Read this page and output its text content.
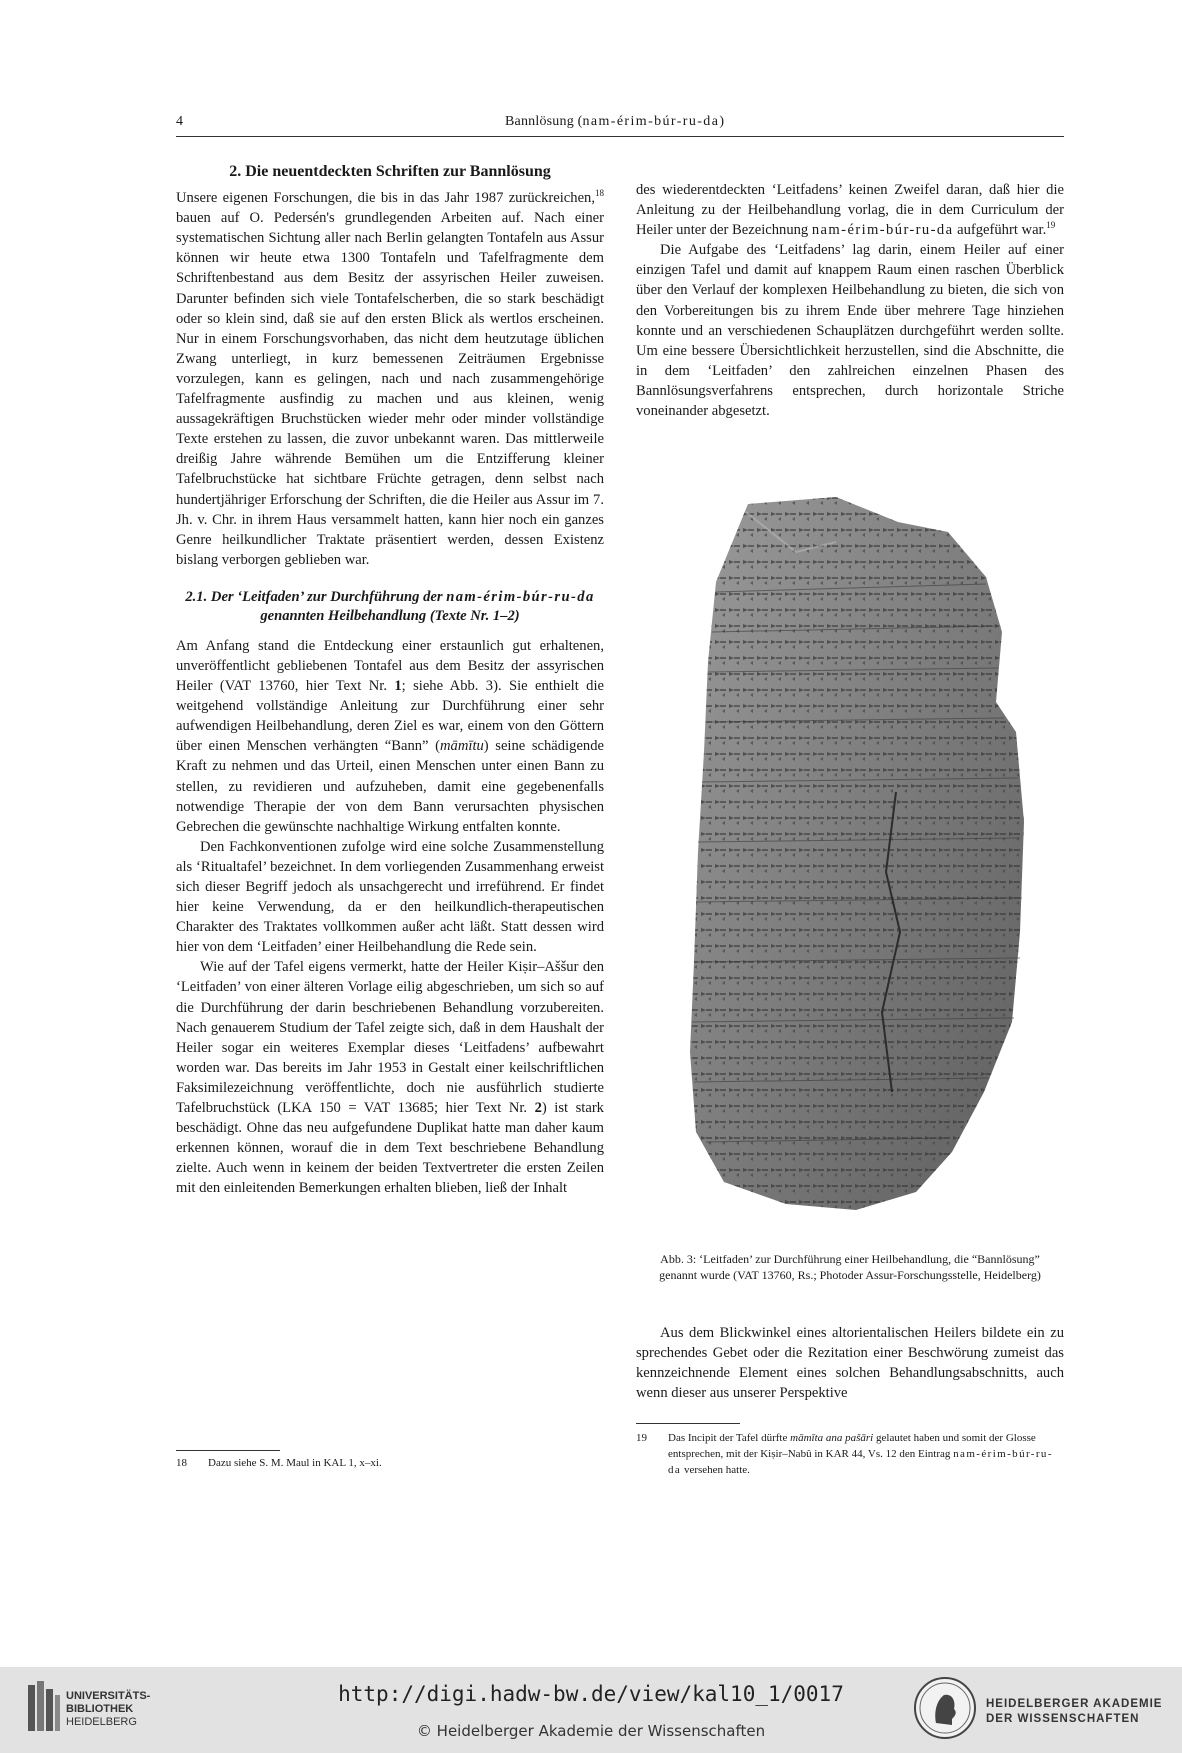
4	Bannlösung (nam-érim-búr-ru-da)
2. Die neuentdeckten Schriften zur Bannlösung

Unsere eigenen Forschungen, die bis in das Jahr 1987 zurückreichen,$^{18}$ bauen auf O. Pedersén's grundlegenden Arbeiten auf. Nach einer systematischen Sichtung aller nach Berlin gelangten Tontafeln aus Assur können wir heute etwa 1300 Tontafeln und Tafelfragmente dem Schriftenbestand aus dem Besitz der assyrischen Heiler zuweisen. Darunter befinden sich viele Tontafelscherben, die so stark beschädigt oder so klein sind, daß sie auf den ersten Blick als wertlos erscheinen. Nur in einem Forschungsvorhaben, das nicht dem heutzutage üblichen Zwang unterliegt, in kurz bemessenen Zeiträumen Ergebnisse vorzulegen, kann es gelingen, nach und nach zusammengehörige Tafelfragmente ausfindig zu machen und aus kleinen, wenig aussagekräftigen Bruchstücken wieder mehr oder minder vollständige Texte erstehen zu lassen, die zuvor unbekannt waren. Das mittlerweile dreißig Jahre währende Bemühen um die Entzifferung kleiner Tafelbruchstücke hat sichtbare Früchte getragen, denn selbst nach hundertjähriger Erforschung der Schriften, die die Heiler aus Assur im 7. Jh. v. Chr. in ihrem Haus versammelt hatten, kann hier noch ein ganzes Genre heilkundlicher Traktate präsentiert werden, dessen Existenz bislang verborgen geblieben war.

2.1. Der ‘Leitfaden’ zur Durchführung der nam-érim-búr-ru-da genannten Heilbehandlung (Texte Nr. 1–2)

Am Anfang stand die Entdeckung einer erstaunlich gut erhaltenen, unveröffentlicht gebliebenen Tontafel aus dem Besitz der assyrischen Heiler (VAT 13760, hier Text Nr. 1; siehe Abb. 3). Sie enthielt die weitgehend vollständige Anleitung zur Durchführung einer sehr aufwendigen Heilbehandlung, deren Ziel es war, einem von den Göttern über einen Menschen verhängten “Bann” (māmītu) seine schädigende Kraft zu nehmen und das Urteil, einen Menschen unter einen Bann zu stellen, zu revidieren und aufzuheben, damit eine gegebenenfalls notwendige Therapie der von dem Bann verursachten physischen Gebrechen die gewünschte nachhaltige Wirkung entfalten konnte.

Den Fachkonventionen zufolge wird eine solche Zusammenstellung als ‘Ritualtafel’ bezeichnet. In dem vorliegenden Zusammenhang erweist sich dieser Begriff jedoch als unsachgerecht und irreführend. Er findet hier keine Verwendung, da er den heilkundlich-therapeutischen Charakter des Traktates vollkommen außer acht läßt. Statt dessen wird hier von dem ‘Leitfaden’ einer Heilbehandlung die Rede sein.

Wie auf der Tafel eigens vermerkt, hatte der Heiler Kiṣir–Aššur den ‘Leitfaden’ von einer älteren Vorlage eilig abgeschrieben, um sich so auf die Durchführung der darin beschriebenen Behandlung vorzubereiten. Nach genauerem Studium der Tafel zeigte sich, daß in dem Haushalt der Heiler sogar ein weiteres Exemplar dieses ‘Leitfadens’ aufbewahrt worden war. Das bereits im Jahr 1953 in Gestalt einer keilschriftlichen Faksimilezeichnung veröffentlichte, doch nie ausführlich studierte Tafelbruchstück (LKA 150 = VAT 13685; hier Text Nr. 2) ist stark beschädigt. Ohne das neu aufgefundene Duplikat hatte man daher kaum erkennen können, worauf die in dem Text beschriebene Behandlung zielte. Auch wenn in keinem der beiden Textvertreter die ersten Zeilen mit den einleitenden Bemerkungen erhalten blieben, ließ der Inhalt

18	Dazu siehe S. M. Maul in KAL 1, x–xi.

des wiederentdeckten ‘Leitfadens’ keinen Zweifel daran, daß hier die Anleitung zu der Heilbehandlung vorlag, die in dem Curriculum der Heiler unter der Bezeichnung nam-érim-búr-ru-da aufgeführt war.$^{19}$

Die Aufgabe des ‘Leitfadens’ lag darin, einem Heiler auf einer einzigen Tafel und damit auf knappem Raum einen raschen Überblick über den Verlauf der komplexen Heilbehandlung zu bieten, die sich von den Vorbereitungen bis zu ihrem Ende über mehrere Tage hinziehen konnte und an verschiedenen Schauplätzen durchgeführt werden sollte. Um eine bessere Übersichtlichkeit herzustellen, sind die Abschnitte, die in dem ‘Leitfaden’ den zahlreichen einzelnen Phasen des Bannlösungsverfahrens entsprechen, durch horizontale Striche voneinander abgesetzt.

Abb. 3: ‘Leitfaden’ zur Durchführung einer Heilbehandlung, die “Bannlösung” genannt wurde (VAT 13760, Rs.; Photoder Assur-Forschungsstelle, Heidelberg)

Aus dem Blickwinkel eines altorientalischen Heilers bildete ein zu sprechendes Gebet oder die Rezitation einer Beschwörung zumeist das kennzeichnende Element eines solchen Behandlungsabschnitts, auch wenn dieser aus unserer Perspektive

19	Das Incipit der Tafel dürfte māmīta ana pašāri gelautet haben und somit der Glosse entsprechen, mit der Kiṣir–Nabû in KAR 44, Vs. 12 den Eintrag nam-érim-búr-ru-da versehen hatte.
UNIVERSITÄTS-
BIBLIOTHEK
HEIDELBERG
http://digi.hadw-bw.de/view/kal10_1/0017
© Heidelberger Akademie der Wissenschaften
HEIDELBERGER AKADEMIE
DER WISSENSCHAFTEN
